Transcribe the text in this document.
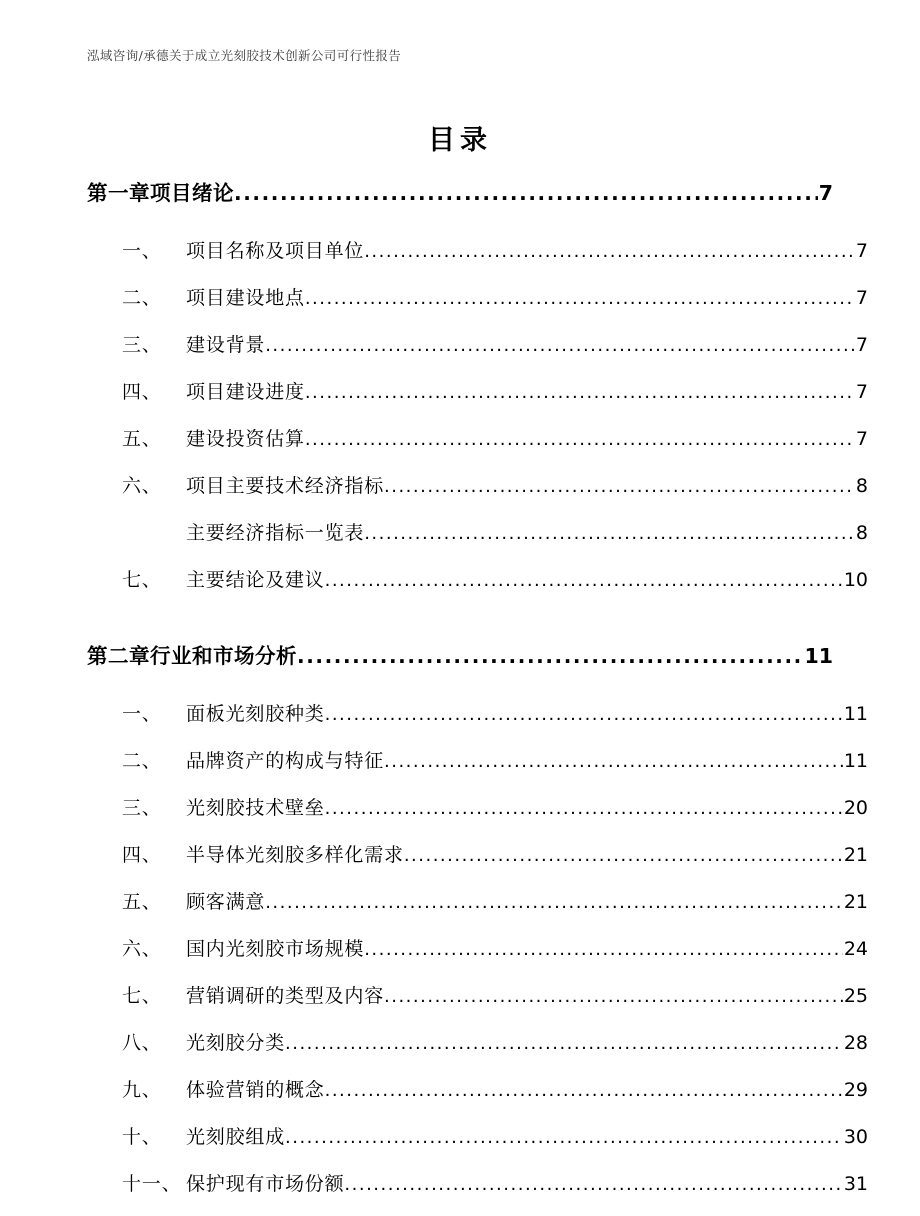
泓域咨询/承德关于成立光刻胶技术创新公司可行性报告
目录
第一章 项目绪论 .....	7
一、	项目名称及项目单位 .....	7
二、	项目建设地点 .....	7
三、	建设背景 .....	7
四、	项目建设进度 .....	7
五、	建设投资估算 .....	7
六、	项目主要技术经济指标 .....	8
主要经济指标一览表 .....	8
七、	主要结论及建议 .....	10
第二章 行业和市场分析 .....	11
一、	面板光刻胶种类 .....	11
二、	品牌资产的构成与特征 .....	11
三、	光刻胶技术壁垒 .....	20
四、	半导体光刻胶多样化需求 .....	21
五、	顾客满意 .....	21
六、	国内光刻胶市场规模 .....	24
七、	营销调研的类型及内容 .....	25
八、	光刻胶分类 .....	28
九、	体验营销的概念 .....	29
十、	光刻胶组成 .....	30
十一、 保护现有市场份额 .....	31
